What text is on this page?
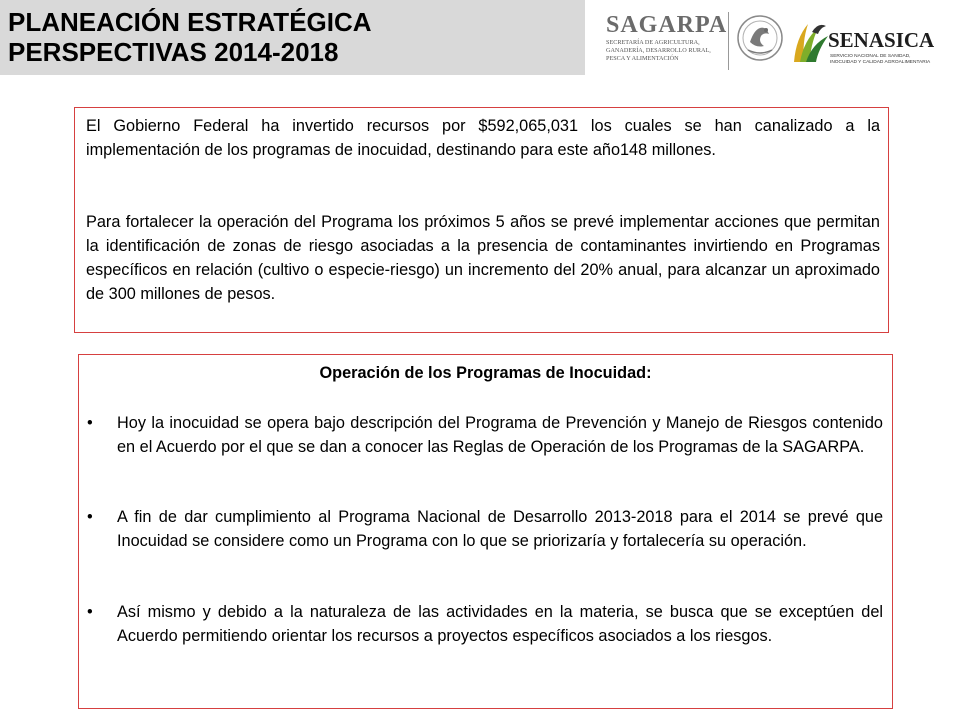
PLANEACIÓN ESTRATÉGICA
PERSPECTIVAS 2014-2018
SAGARPA
SECRETARÍA DE AGRICULTURA,
GANADERÍA, DESARROLLO RURAL,
PESCA Y ALIMENTACIÓN
SENASICA
SERVICIO NACIONAL DE SANIDAD,
INOCUIDAD Y CALIDAD AGROALIMENTARIA
El Gobierno Federal ha invertido recursos por $592,065,031 los cuales se han canalizado a la implementación de los programas de inocuidad, destinando para este año148 millones.
Para fortalecer la operación del Programa los próximos 5 años se prevé implementar acciones que permitan la identificación de zonas de riesgo asociadas a la presencia de contaminantes invirtiendo en Programas específicos en relación (cultivo o especie-riesgo) un incremento del 20% anual, para alcanzar un aproximado de 300 millones de pesos.
Operación de los Programas de Inocuidad:
• Hoy la inocuidad se opera bajo descripción del Programa de Prevención y Manejo de Riesgos contenido en el Acuerdo por el que se dan a conocer las Reglas de Operación de los Programas de la SAGARPA.
• A fin de dar cumplimiento al Programa Nacional de Desarrollo 2013-2018 para el 2014 se prevé que Inocuidad se considere como un Programa con lo que se priorizaría y fortalecería su operación.
• Así mismo y debido a la naturaleza de las actividades en la materia, se busca que se exceptúen del Acuerdo permitiendo orientar los recursos a proyectos específicos asociados a los riesgos.
